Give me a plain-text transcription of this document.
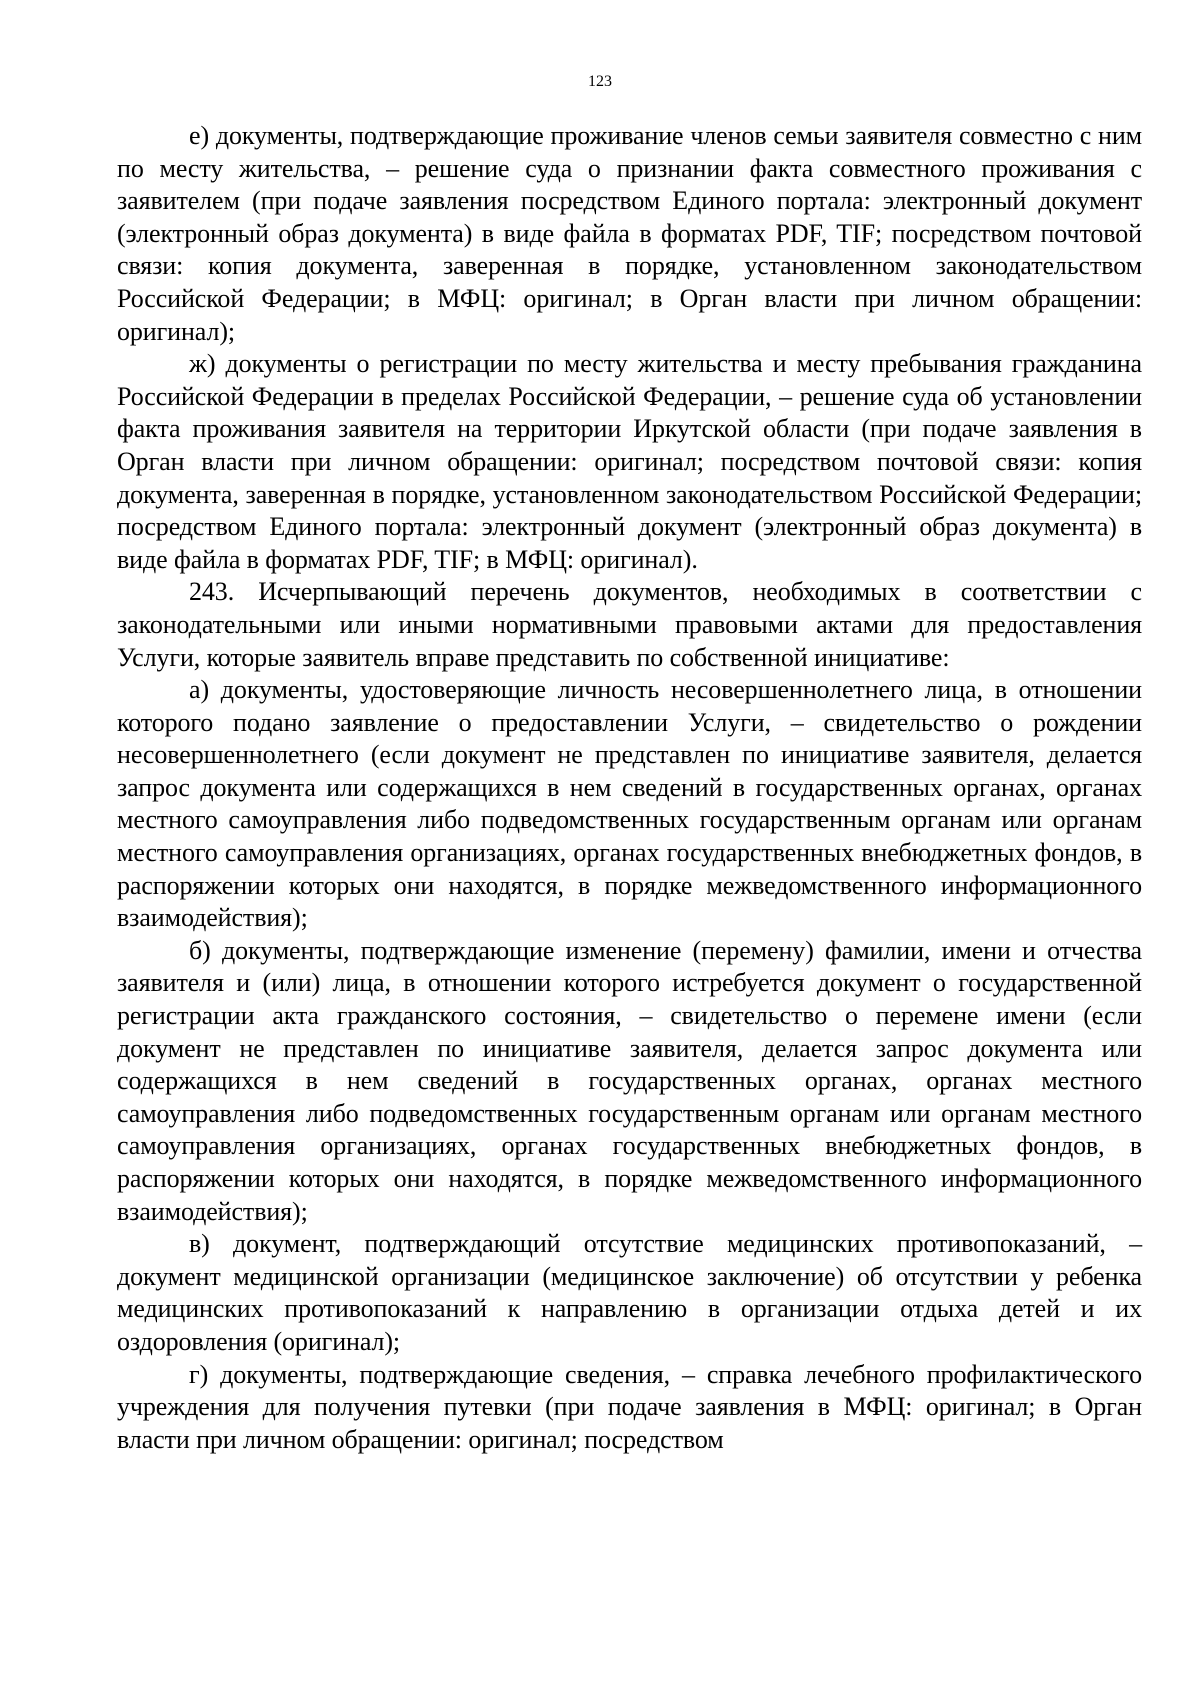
123

е) документы, подтверждающие проживание членов семьи заявителя совместно с ним по месту жительства, – решение суда о признании факта совместного проживания с заявителем (при подаче заявления посредством Единого портала: электронный документ (электронный образ документа) в виде файла в форматах PDF, TIF; посредством почтовой связи: копия документа, заверенная в порядке, установленном законодательством Российской Федерации; в МФЦ: оригинал; в Орган власти при личном обращении: оригинал);

ж) документы о регистрации по месту жительства и месту пребывания гражданина Российской Федерации в пределах Российской Федерации, – решение суда об установлении факта проживания заявителя на территории Иркутской области (при подаче заявления в Орган власти при личном обращении: оригинал; посредством почтовой связи: копия документа, заверенная в порядке, установленном законодательством Российской Федерации; посредством Единого портала: электронный документ (электронный образ документа) в виде файла в форматах PDF, TIF; в МФЦ: оригинал).

243. Исчерпывающий перечень документов, необходимых в соответствии с законодательными или иными нормативными правовыми актами для предоставления Услуги, которые заявитель вправе представить по собственной инициативе:

а) документы, удостоверяющие личность несовершеннолетнего лица, в отношении которого подано заявление о предоставлении Услуги, – свидетельство о рождении несовершеннолетнего (если документ не представлен по инициативе заявителя, делается запрос документа или содержащихся в нем сведений в государственных органах, органах местного самоуправления либо подведомственных государственным органам или органам местного самоуправления организациях, органах государственных внебюджетных фондов, в распоряжении которых они находятся, в порядке межведомственного информационного взаимодействия);

б) документы, подтверждающие изменение (перемену) фамилии, имени и отчества заявителя и (или) лица, в отношении которого истребуется документ о государственной регистрации акта гражданского состояния, – свидетельство о перемене имени (если документ не представлен по инициативе заявителя, делается запрос документа или содержащихся в нем сведений в государственных органах, органах местного самоуправления либо подведомственных государственным органам или органам местного самоуправления организациях, органах государственных внебюджетных фондов, в распоряжении которых они находятся, в порядке межведомственного информационного взаимодействия);

в) документ, подтверждающий отсутствие медицинских противопоказаний, – документ медицинской организации (медицинское заключение) об отсутствии у ребенка медицинских противопоказаний к направлению в организации отдыха детей и их оздоровления (оригинал);

г) документы, подтверждающие сведения, – справка лечебного профилактического учреждения для получения путевки (при подаче заявления в МФЦ: оригинал; в Орган власти при личном обращении: оригинал; посредством
